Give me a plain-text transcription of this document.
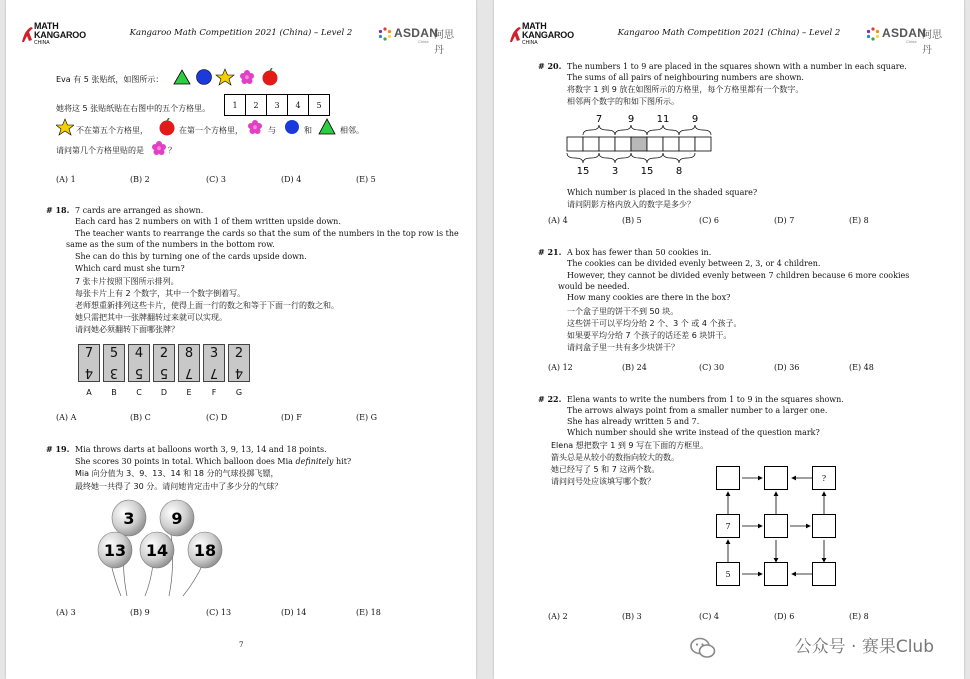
MATH
KANGAROO
CHINA
Kangaroo Math Competition 2021 (China) – Level 2	ASDAN
阿思丹
China
Eva 有 5 张贴纸，如图所示：
她将这 5 张贴纸贴在右图中的五个方格里。	1	2	3	4	5
不在第五个方格里，	在第一个方格里，	与	和	相邻。
请问第几个方格里贴的是	？
(A) 1	(B) 2	(C) 3	(D) 4	(E) 5
# 18. 7 cards are arranged as shown.
Each card has 2 numbers on with 1 of them written upside down.
The teacher wants to rearrange the cards so that the sum of the numbers in the top row is the
same as the sum of the numbers in the bottom row.
She can do this by turning one of the cards upside down.
Which card must she turn?
7 张卡片按照下图所示排列。
每张卡片上有 2 个数字，其中一个数字倒着写。
老师想重新排列这些卡片，使得上面一行的数之和等于下面一行的数之和。
她只需把其中一张牌翻转过来就可以实现。
请问她必须翻转下面哪张牌？
7
4
5
3
4
5
2
5
8
7
3
7
2
4
A	B	C	D	E	F	G
(A) A	(B) C	(C) D	(D) F	(E) G
# 19. Mia throws darts at balloons worth 3, 9, 13, 14 and 18 points.
She scores 30 points in total. Which balloon does Mia definitely hit?
Mia 向分值为 3、9、13、14 和 18 分的气球投掷飞镖，
最终她一共得了 30 分。请问她肯定击中了多少分的气球？
3 9
13 14 18
(A) 3	(B) 9	(C) 13	(D) 14	(E) 18
7
MATH
KANGAROO
CHINA
Kangaroo Math Competition 2021 (China) – Level 2	ASDAN
阿思丹
China
# 20. The numbers 1 to 9 are placed in the squares shown with a number in each square.
The sums of all pairs of neighbouring numbers are shown.
将数字 1 到 9 放在如图所示的方格里，每个方格里都有一个数字。
相邻两个数字的和如下图所示。
7	9 11 9
15 3 15 8
Which number is placed in the shaded square?
请问阴影方格内放入的数字是多少？
(A) 4	(B) 5	(C) 6	(D) 7	(E) 8
# 21. A box has fewer than 50 cookies in.
The cookies can be divided evenly between 2, 3, or 4 children.
However, they cannot be divided evenly between 7 children because 6 more cookies
would be needed.
How many cookies are there in the box?
一个盒子里的饼干不到 50 块。
这些饼干可以平均分给 2 个、3 个 或 4 个孩子。
如果要平均分给 7 个孩子的话还差 6 块饼干。
请问盒子里一共有多少块饼干？
(A) 12	(B) 24	(C) 30	(D) 36	(E) 48
# 22. Elena wants to write the numbers from 1 to 9 in the squares shown.
The arrows always point from a smaller number to a larger one.
She has already written 5 and 7.
Which number should she write instead of the question mark?
Elena 想把数字 1 到 9 写在下面的方框里。
箭头总是从较小的数指向较大的数。
她已经写了 5 和 7 这两个数。
请问问号处应该填写哪个数？	?
7
5
(A) 2	(B) 3	(C) 4	(D) 6	(E) 8
公众号 · 赛果Club
